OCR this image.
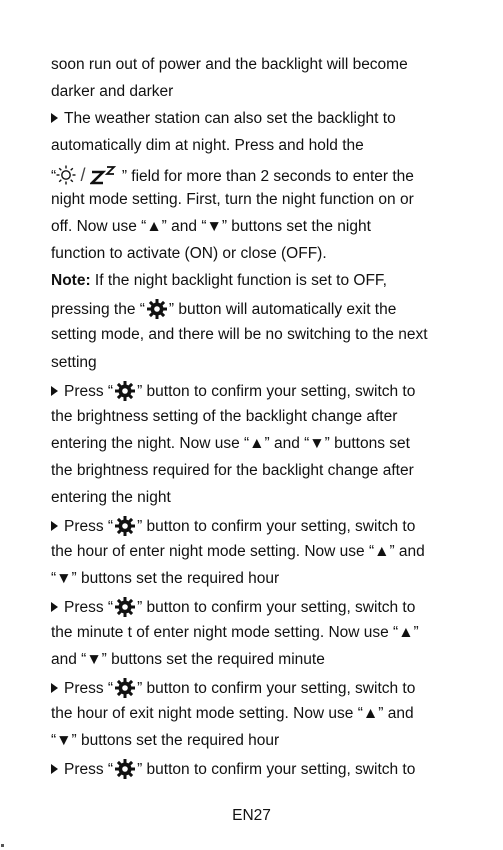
soon run out of power and the backlight will become
darker and darker
The weather station can also set the backlight to
automatically dim at night. Press and hold the
“ / ” field for more than 2 seconds to enter the
night mode setting. First, turn the night function on or
off. Now use “▲” and “▼” buttons set the night
function to activate (ON) or close (OFF).
Note: If the night backlight function is set to OFF,
pressing the “ ” button will automatically exit the
setting mode, and there will be no switching to the next
setting
Press “ ” button to confirm your setting, switch to
the brightness setting of the backlight change after
entering the night. Now use “▲” and “▼” buttons set
the brightness required for the backlight change after
entering the night
Press “ ” button to confirm your setting, switch to
the hour of enter night mode setting. Now use “▲” and
“▼” buttons set the required hour
Press “ ” button to confirm your setting, switch to
the minute t of enter night mode setting. Now use “▲”
and “▼” buttons set the required minute
Press “ ” button to confirm your setting, switch to
the hour of exit night mode setting. Now use “▲” and
“▼” buttons set the required hour
Press “ ” button to confirm your setting, switch to
EN27
